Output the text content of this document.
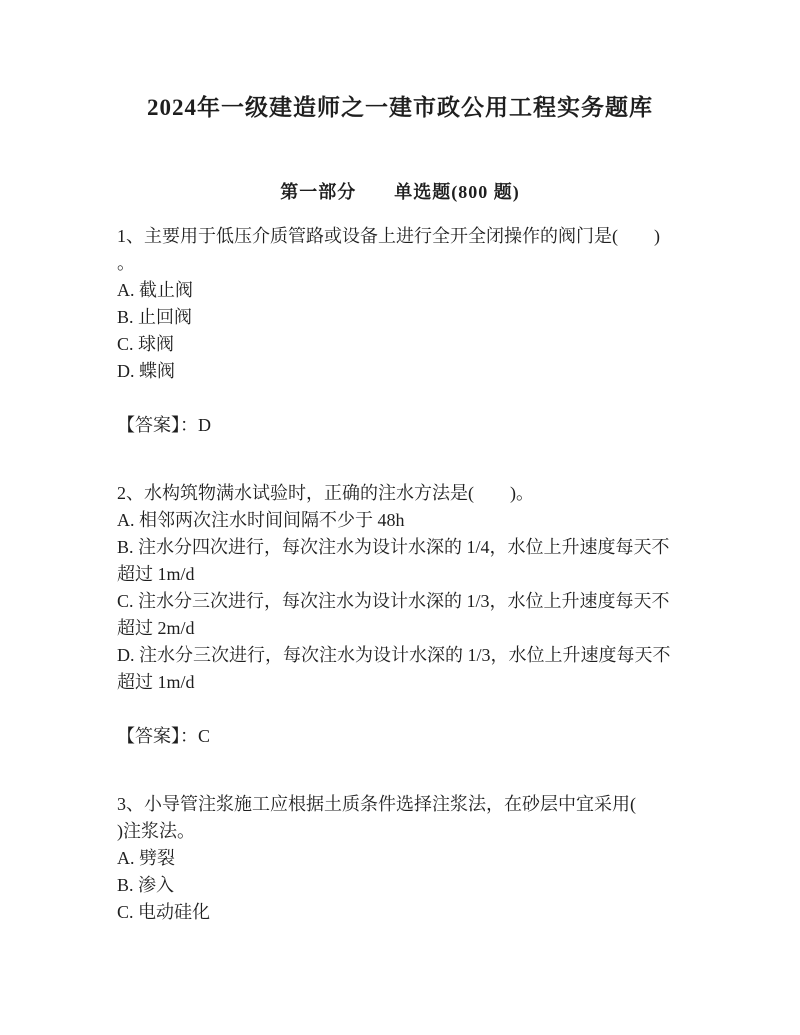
2024年一级建造师之一建市政公用工程实务题库
第一部分　　单选题(800 题)
1、主要用于低压介质管路或设备上进行全开全闭操作的阀门是(　　)
。
A. 截止阀
B. 止回阀
C. 球阀
D. 蝶阀
【答案】：D
2、水构筑物满水试验时，正确的注水方法是(　　)。
A. 相邻两次注水时间间隔不少于 48h
B. 注水分四次进行，每次注水为设计水深的 1/4，水位上升速度每天不
超过 1m/d
C. 注水分三次进行，每次注水为设计水深的 1/3，水位上升速度每天不
超过 2m/d
D. 注水分三次进行，每次注水为设计水深的 1/3，水位上升速度每天不
超过 1m/d
【答案】：C
3、小导管注浆施工应根据土质条件选择注浆法，在砂层中宜采用(
)注浆法。
A. 劈裂
B. 渗入
C. 电动硅化
